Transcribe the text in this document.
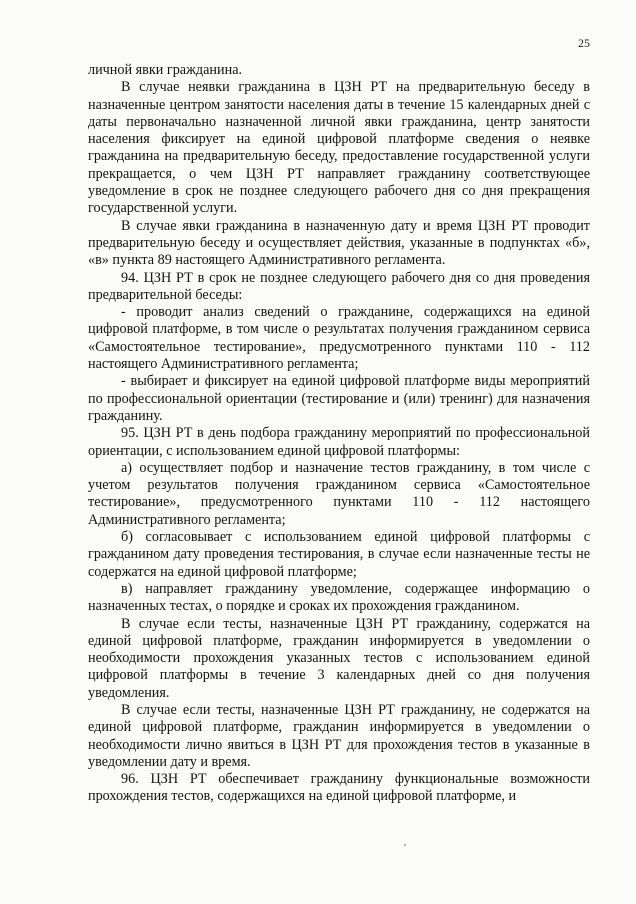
25

личной явки гражданина.

В случае неявки гражданина в ЦЗН РТ на предварительную беседу в назначенные центром занятости населения даты в течение 15 календарных дней с даты первоначально назначенной личной явки гражданина, центр занятости населения фиксирует на единой цифровой платформе сведения о неявке гражданина на предварительную беседу, предоставление государственной услуги прекращается, о чем ЦЗН РТ направляет гражданину соответствующее уведомление в срок не позднее следующего рабочего дня со дня прекращения государственной услуги.

В случае явки гражданина в назначенную дату и время ЦЗН РТ проводит предварительную беседу и осуществляет действия, указанные в подпунктах «б», «в» пункта 89 настоящего Административного регламента.

94. ЦЗН РТ в срок не позднее следующего рабочего дня со дня проведения предварительной беседы:

- проводит анализ сведений о гражданине, содержащихся на единой цифровой платформе, в том числе о результатах получения гражданином сервиса «Самостоятельное тестирование», предусмотренного пунктами 110 - 112 настоящего Административного регламента;

- выбирает и фиксирует на единой цифровой платформе виды мероприятий по профессиональной ориентации (тестирование и (или) тренинг) для назначения гражданину.

95. ЦЗН РТ в день подбора гражданину мероприятий по профессиональной ориентации, с использованием единой цифровой платформы:

а) осуществляет подбор и назначение тестов гражданину, в том числе с учетом результатов получения гражданином сервиса «Самостоятельное тестирование», предусмотренного пунктами 110 - 112 настоящего Административного регламента;

б) согласовывает с использованием единой цифровой платформы с гражданином дату проведения тестирования, в случае если назначенные тесты не содержатся на единой цифровой платформе;

в) направляет гражданину уведомление, содержащее информацию о назначенных тестах, о порядке и сроках их прохождения гражданином.

В случае если тесты, назначенные ЦЗН РТ гражданину, содержатся на единой цифровой платформе, гражданин информируется в уведомлении о необходимости прохождения указанных тестов с использованием единой цифровой платформы в течение 3 календарных дней со дня получения уведомления.

В случае если тесты, назначенные ЦЗН РТ гражданину, не содержатся на единой цифровой платформе, гражданин информируется в уведомлении о необходимости лично явиться в ЦЗН РТ для прохождения тестов в указанные в уведомлении дату и время.

96. ЦЗН РТ обеспечивает гражданину функциональные возможности прохождения тестов, содержащихся на единой цифровой платформе, и
